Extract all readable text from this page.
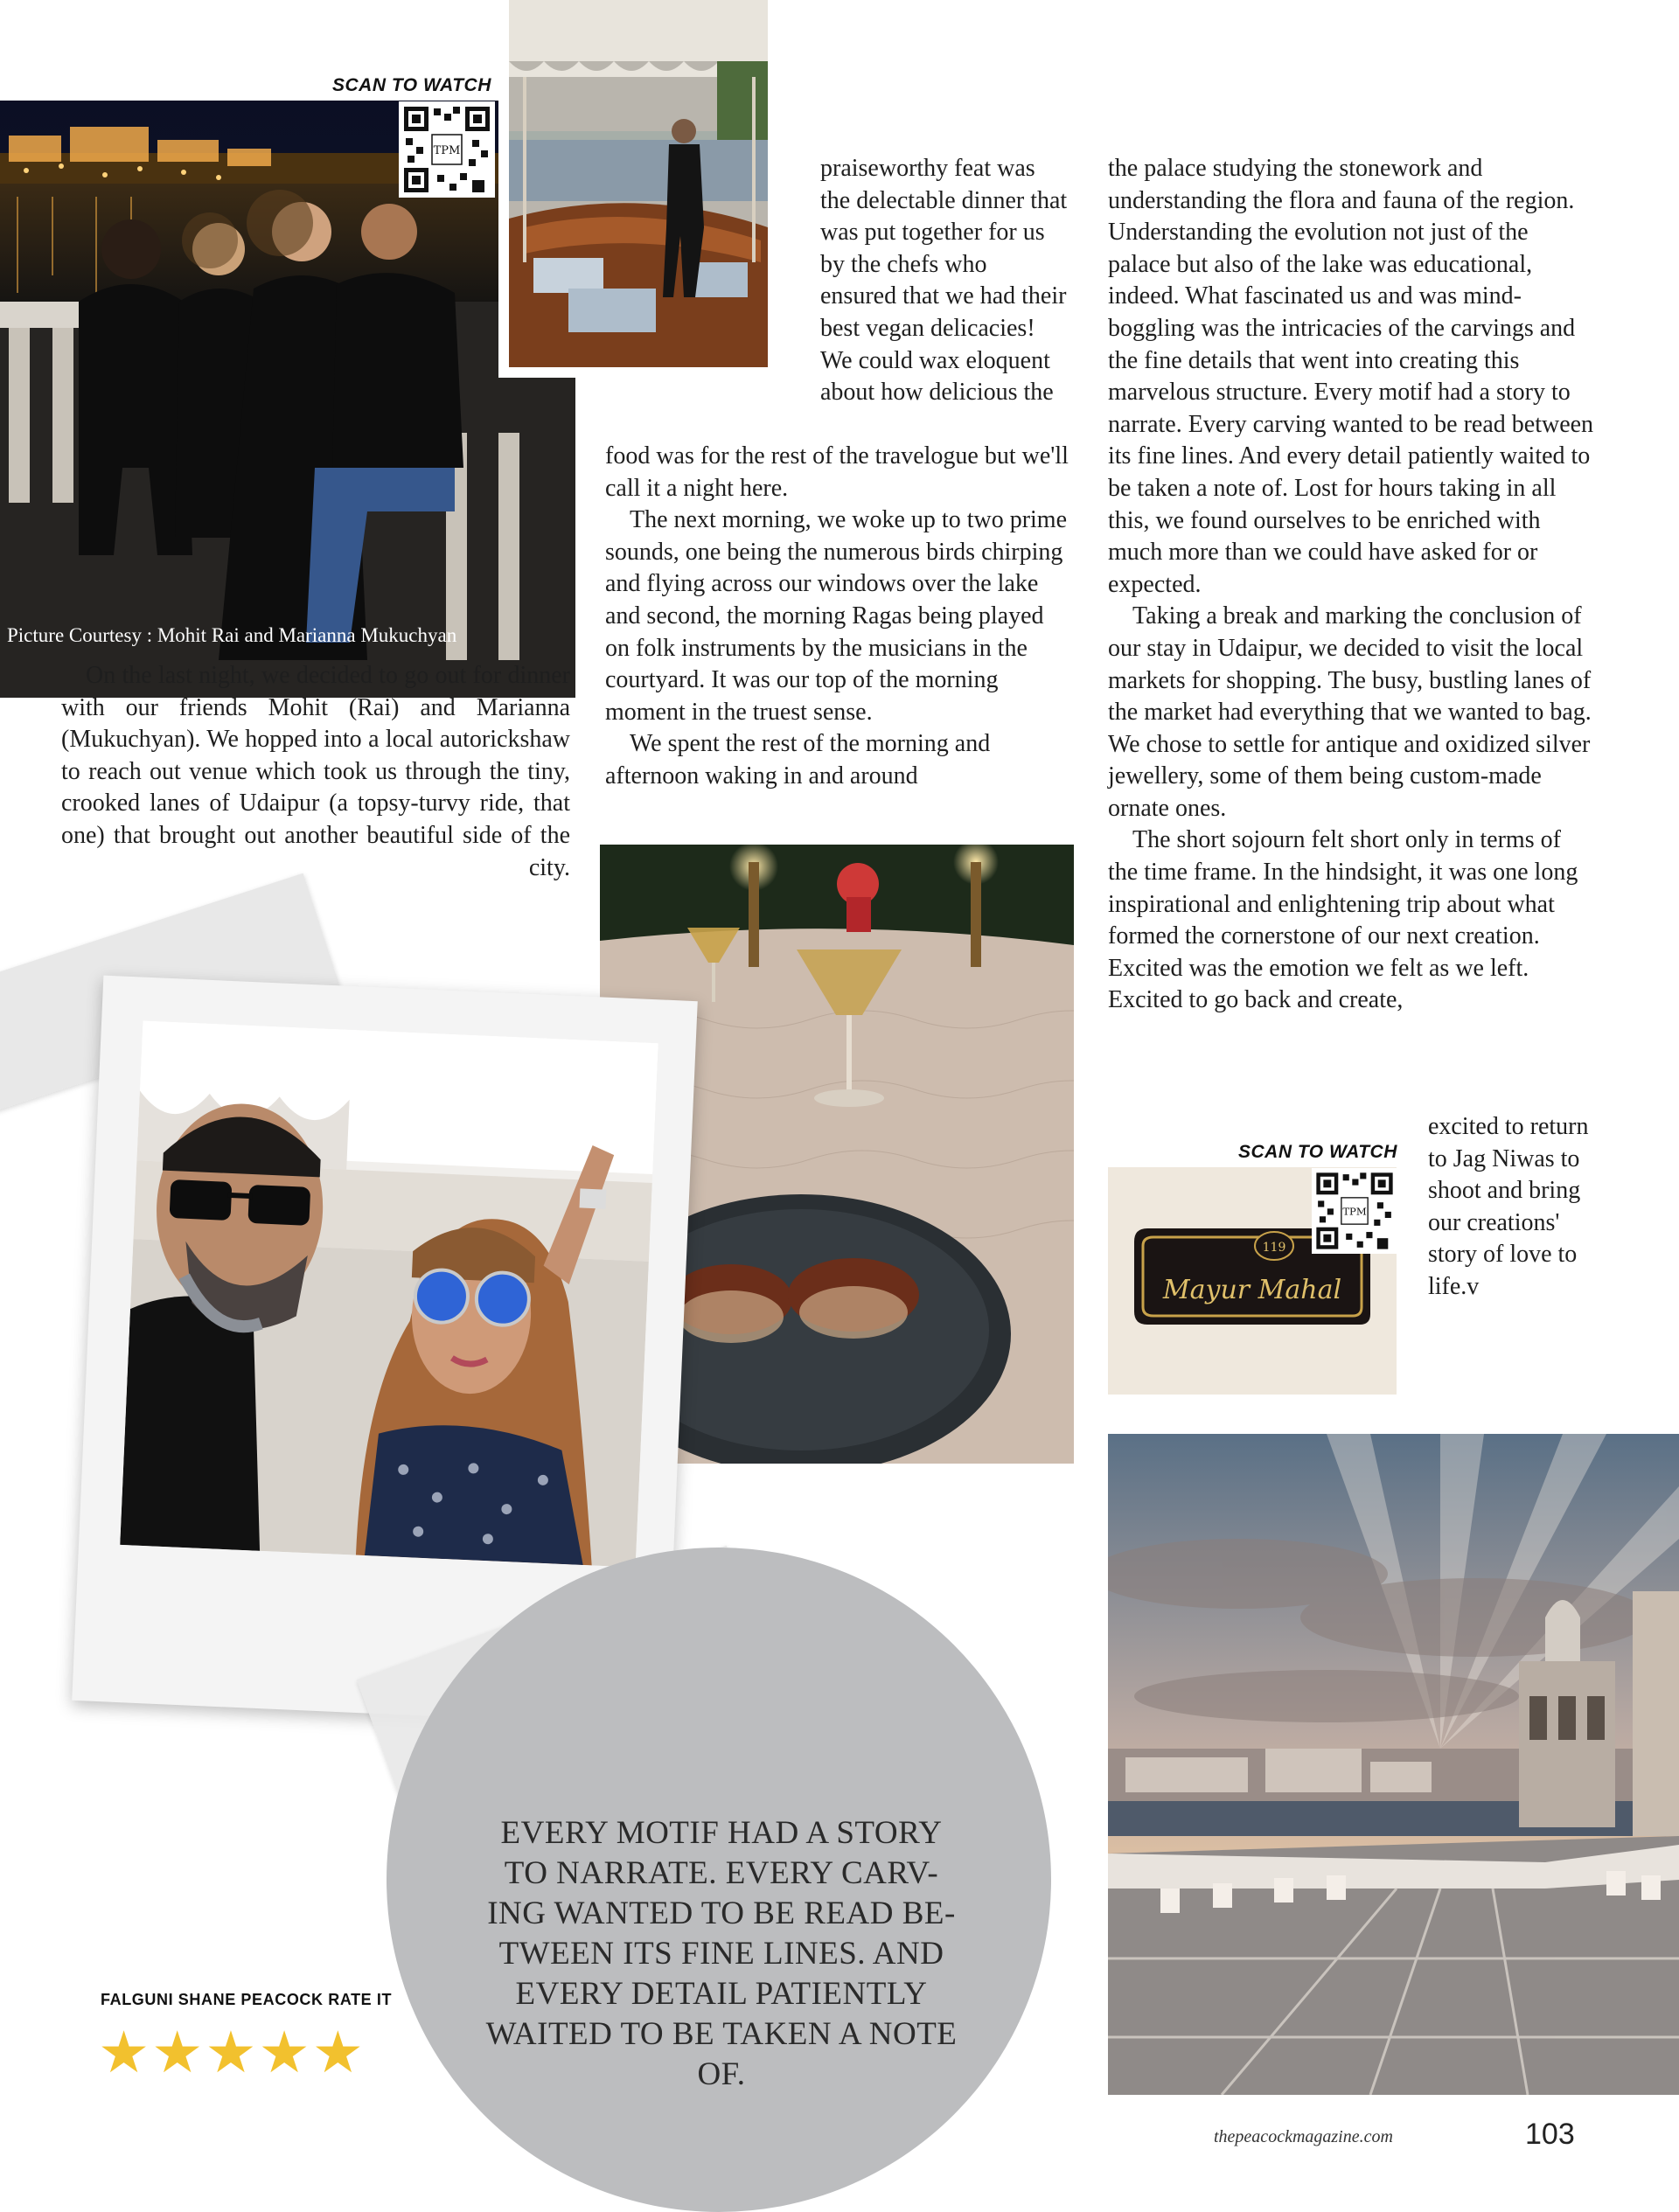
Picture Courtesy : Mohit Rai and Marianna Mukuchyan
SCAN TO WATCH
TPM

On the last night, we decided to go out for dinner with our friends Mohit (Rai) and Marianna (Mukuchyan). We hopped into a local autorickshaw to reach out venue which took us through the tiny, crooked lanes of Udaipur (a topsy-turvy ride, that one) that brought out another beautiful side of the city.

praiseworthy feat was the delectable dinner that was put together for us by the chefs who ensured that we had their best vegan delicacies! We could wax eloquent about how delicious the

food was for the rest of the travelogue but we'll call it a night here.

The next morning, we woke up to two prime sounds, one being the numerous birds chirping and flying across our windows over the lake and second, the morning Ragas being played on folk instruments by the musicians in the courtyard. It was our top of the morning moment in the truest sense.

We spent the rest of the morning and afternoon waking in and around

the palace studying the stonework and understanding the flora and fauna of the region. Understanding the evolution not just of the palace but also of the lake was educational, indeed. What fascinated us and was mind-boggling was the intricacies of the carvings and the fine details that went into creating this marvelous structure. Every motif had a story to narrate. Every carving wanted to be read between its fine lines. And every detail patiently waited to be taken a note of. Lost for hours taking in all this, we found ourselves to be enriched with much more than we could have asked for or expected.

Taking a break and marking the conclusion of our stay in Udaipur, we decided to visit the local markets for shopping. The busy, bustling lanes of the market had everything that we wanted to bag. We chose to settle for antique and oxidized silver jewellery, some of them being custom-made ornate ones.

The short sojourn felt short only in terms of the time frame. In the hindsight, it was one long inspirational and enlightening trip about what formed the cornerstone of our next creation. Excited was the emotion we felt as we left. Excited to go back and create,

excited to return to Jag Niwas to shoot and bring our creations' story of love to life.v

SCAN TO WATCH
119
Mayur Mahal
TPM
EVERY MOTIF HAD A STORY TO NARRATE. EVERY CARV-ING WANTED TO BE READ BE-TWEEN ITS FINE LINES. AND EVERY DETAIL PATIENTLY WAITED TO BE TAKEN A NOTE OF.
FALGUNI SHANE PEACOCK RATE IT
★★★★★
thepeacockmagazine.com	103
